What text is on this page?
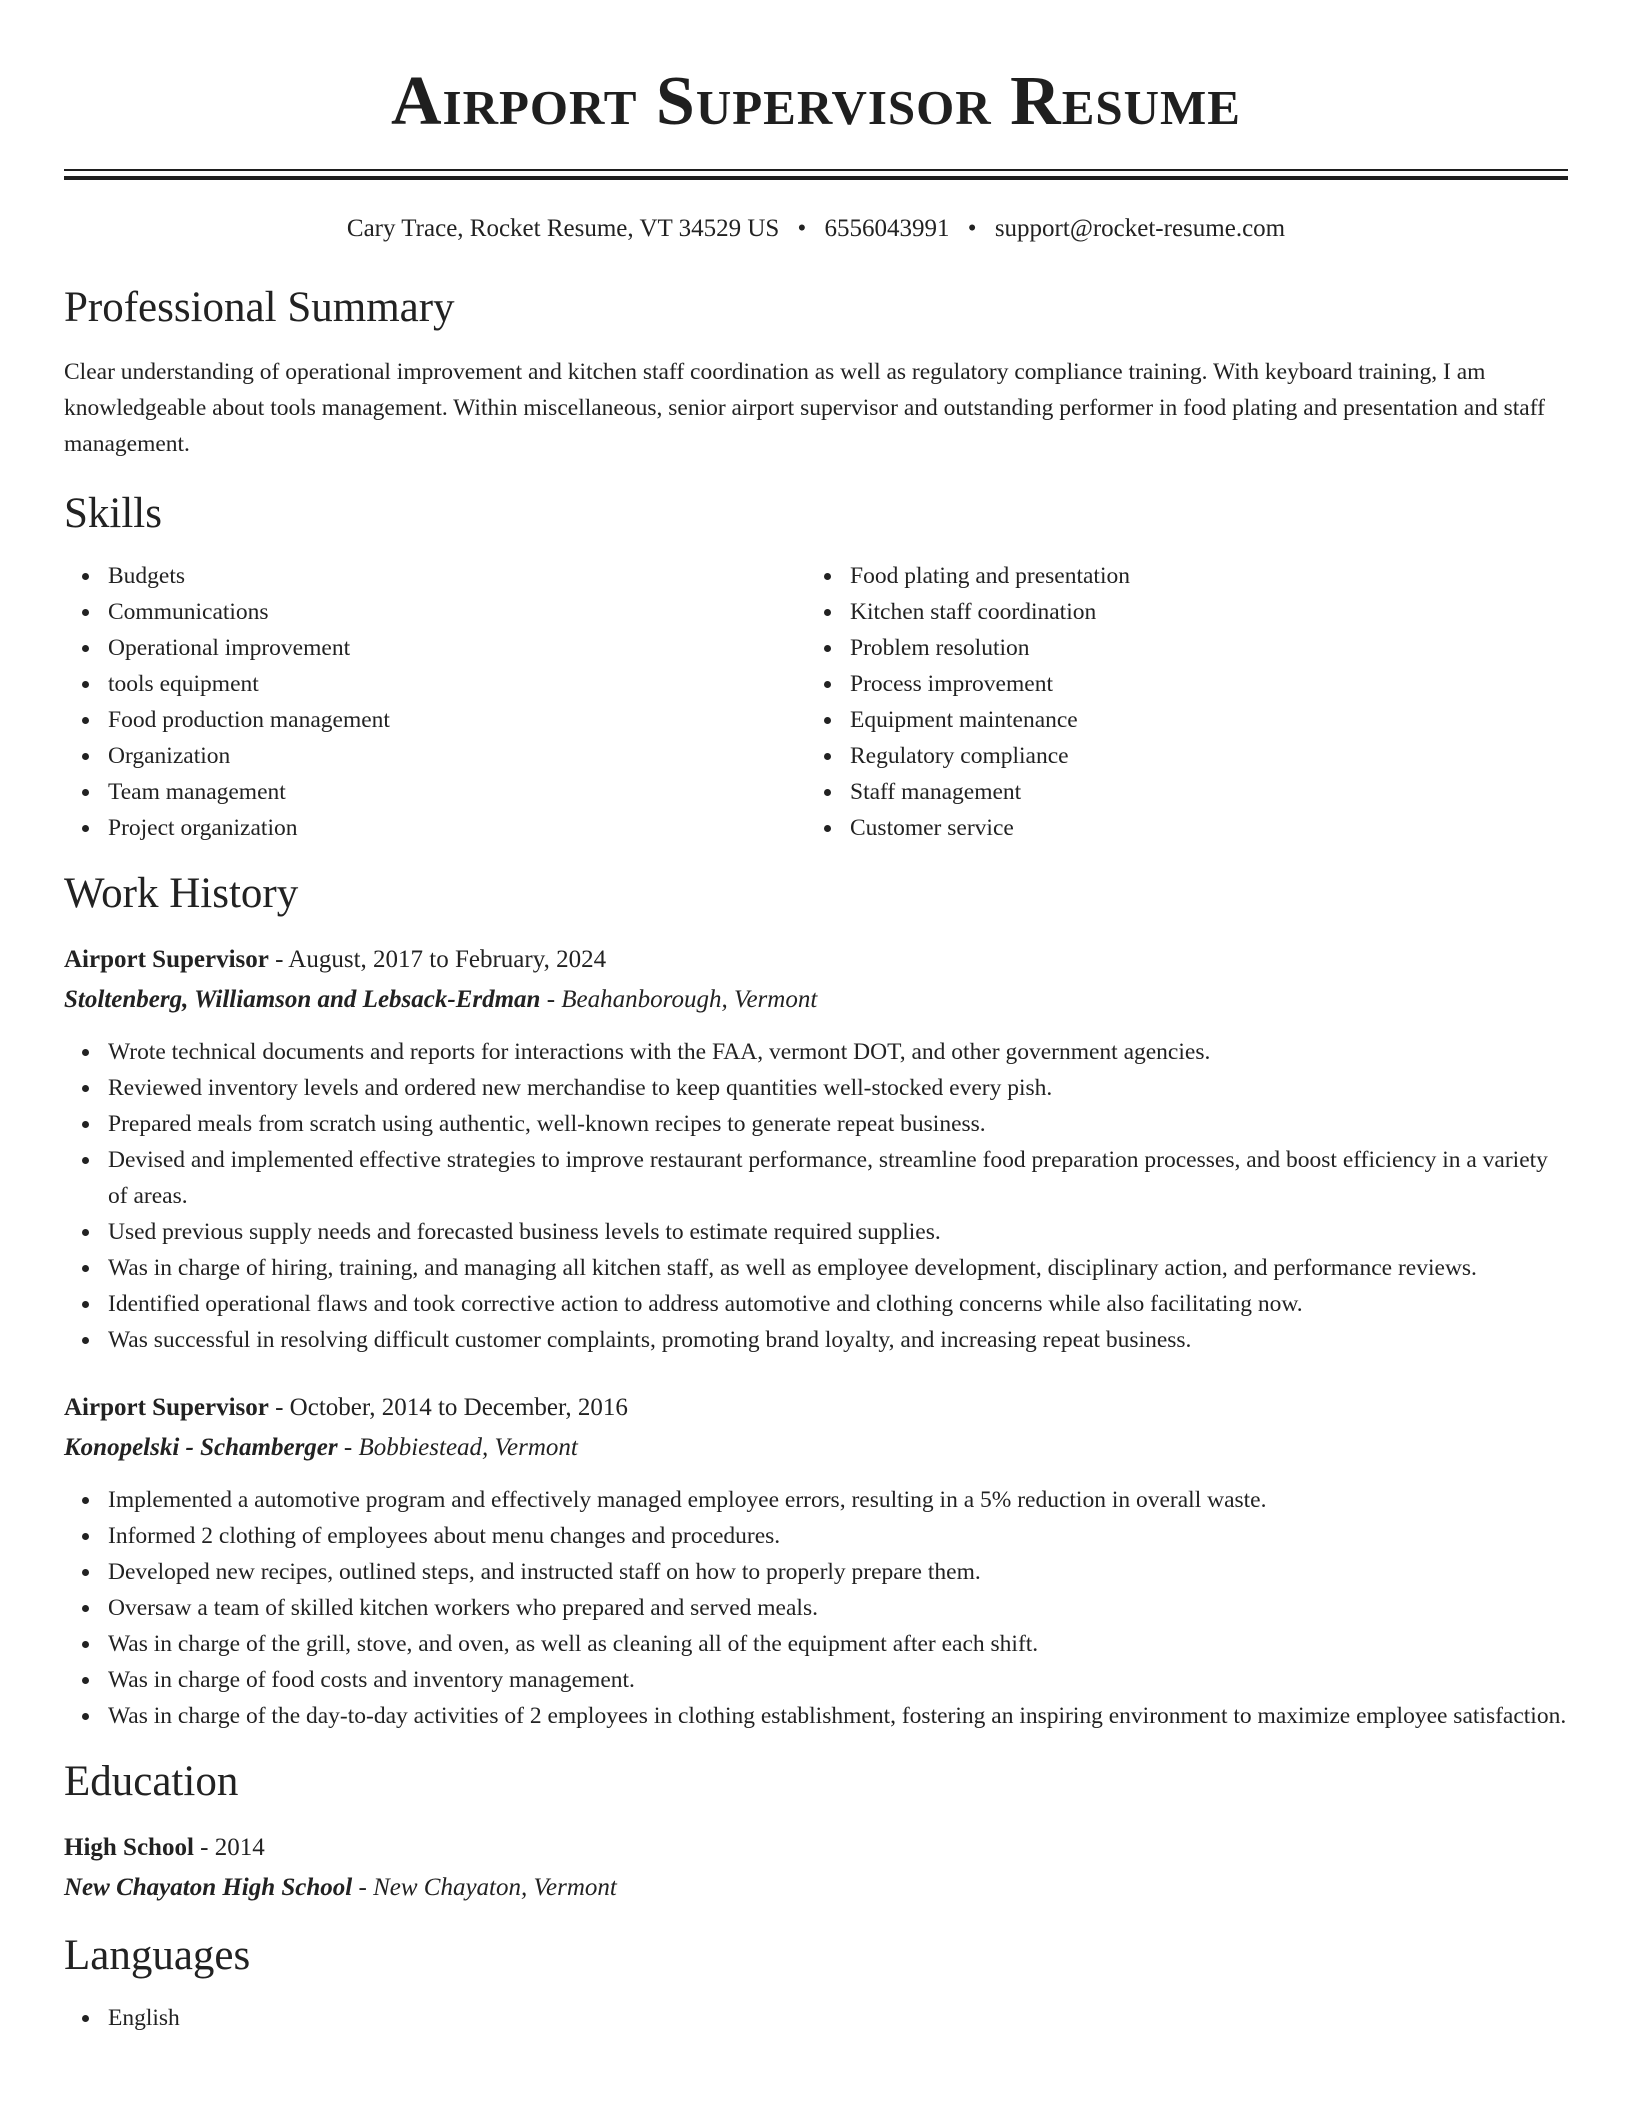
Airport Supervisor Resume
Cary Trace, Rocket Resume, VT 34529 US • 6556043991 • support@rocket-resume.com
Professional Summary

Clear understanding of operational improvement and kitchen staff coordination as well as regulatory compliance training. With keyboard training, I am knowledgeable about tools management. Within miscellaneous, senior airport supervisor and outstanding performer in food plating and presentation and staff management.

Skills
Budgets
Communications
Operational improvement
tools equipment
Food production management
Organization
Team management
Project organization
Food plating and presentation
Kitchen staff coordination
Problem resolution
Process improvement
Equipment maintenance
Regulatory compliance
Staff management
Customer service
Work History
Airport Supervisor - August, 2017 to February, 2024
Stoltenberg, Williamson and Lebsack-Erdman - Beahanborough, Vermont
Wrote technical documents and reports for interactions with the FAA, vermont DOT, and other government agencies.
Reviewed inventory levels and ordered new merchandise to keep quantities well-stocked every pish.
Prepared meals from scratch using authentic, well-known recipes to generate repeat business.
Devised and implemented effective strategies to improve restaurant performance, streamline food preparation processes, and boost efficiency in a variety of areas.
Used previous supply needs and forecasted business levels to estimate required supplies.
Was in charge of hiring, training, and managing all kitchen staff, as well as employee development, disciplinary action, and performance reviews.
Identified operational flaws and took corrective action to address automotive and clothing concerns while also facilitating now.
Was successful in resolving difficult customer complaints, promoting brand loyalty, and increasing repeat business.
Airport Supervisor - October, 2014 to December, 2016
Konopelski - Schamberger - Bobbiestead, Vermont
Implemented a automotive program and effectively managed employee errors, resulting in a 5% reduction in overall waste.
Informed 2 clothing of employees about menu changes and procedures.
Developed new recipes, outlined steps, and instructed staff on how to properly prepare them.
Oversaw a team of skilled kitchen workers who prepared and served meals.
Was in charge of the grill, stove, and oven, as well as cleaning all of the equipment after each shift.
Was in charge of food costs and inventory management.
Was in charge of the day-to-day activities of 2 employees in clothing establishment, fostering an inspiring environment to maximize employee satisfaction.
Education
High School - 2014
New Chayaton High School - New Chayaton, Vermont
Languages
English
